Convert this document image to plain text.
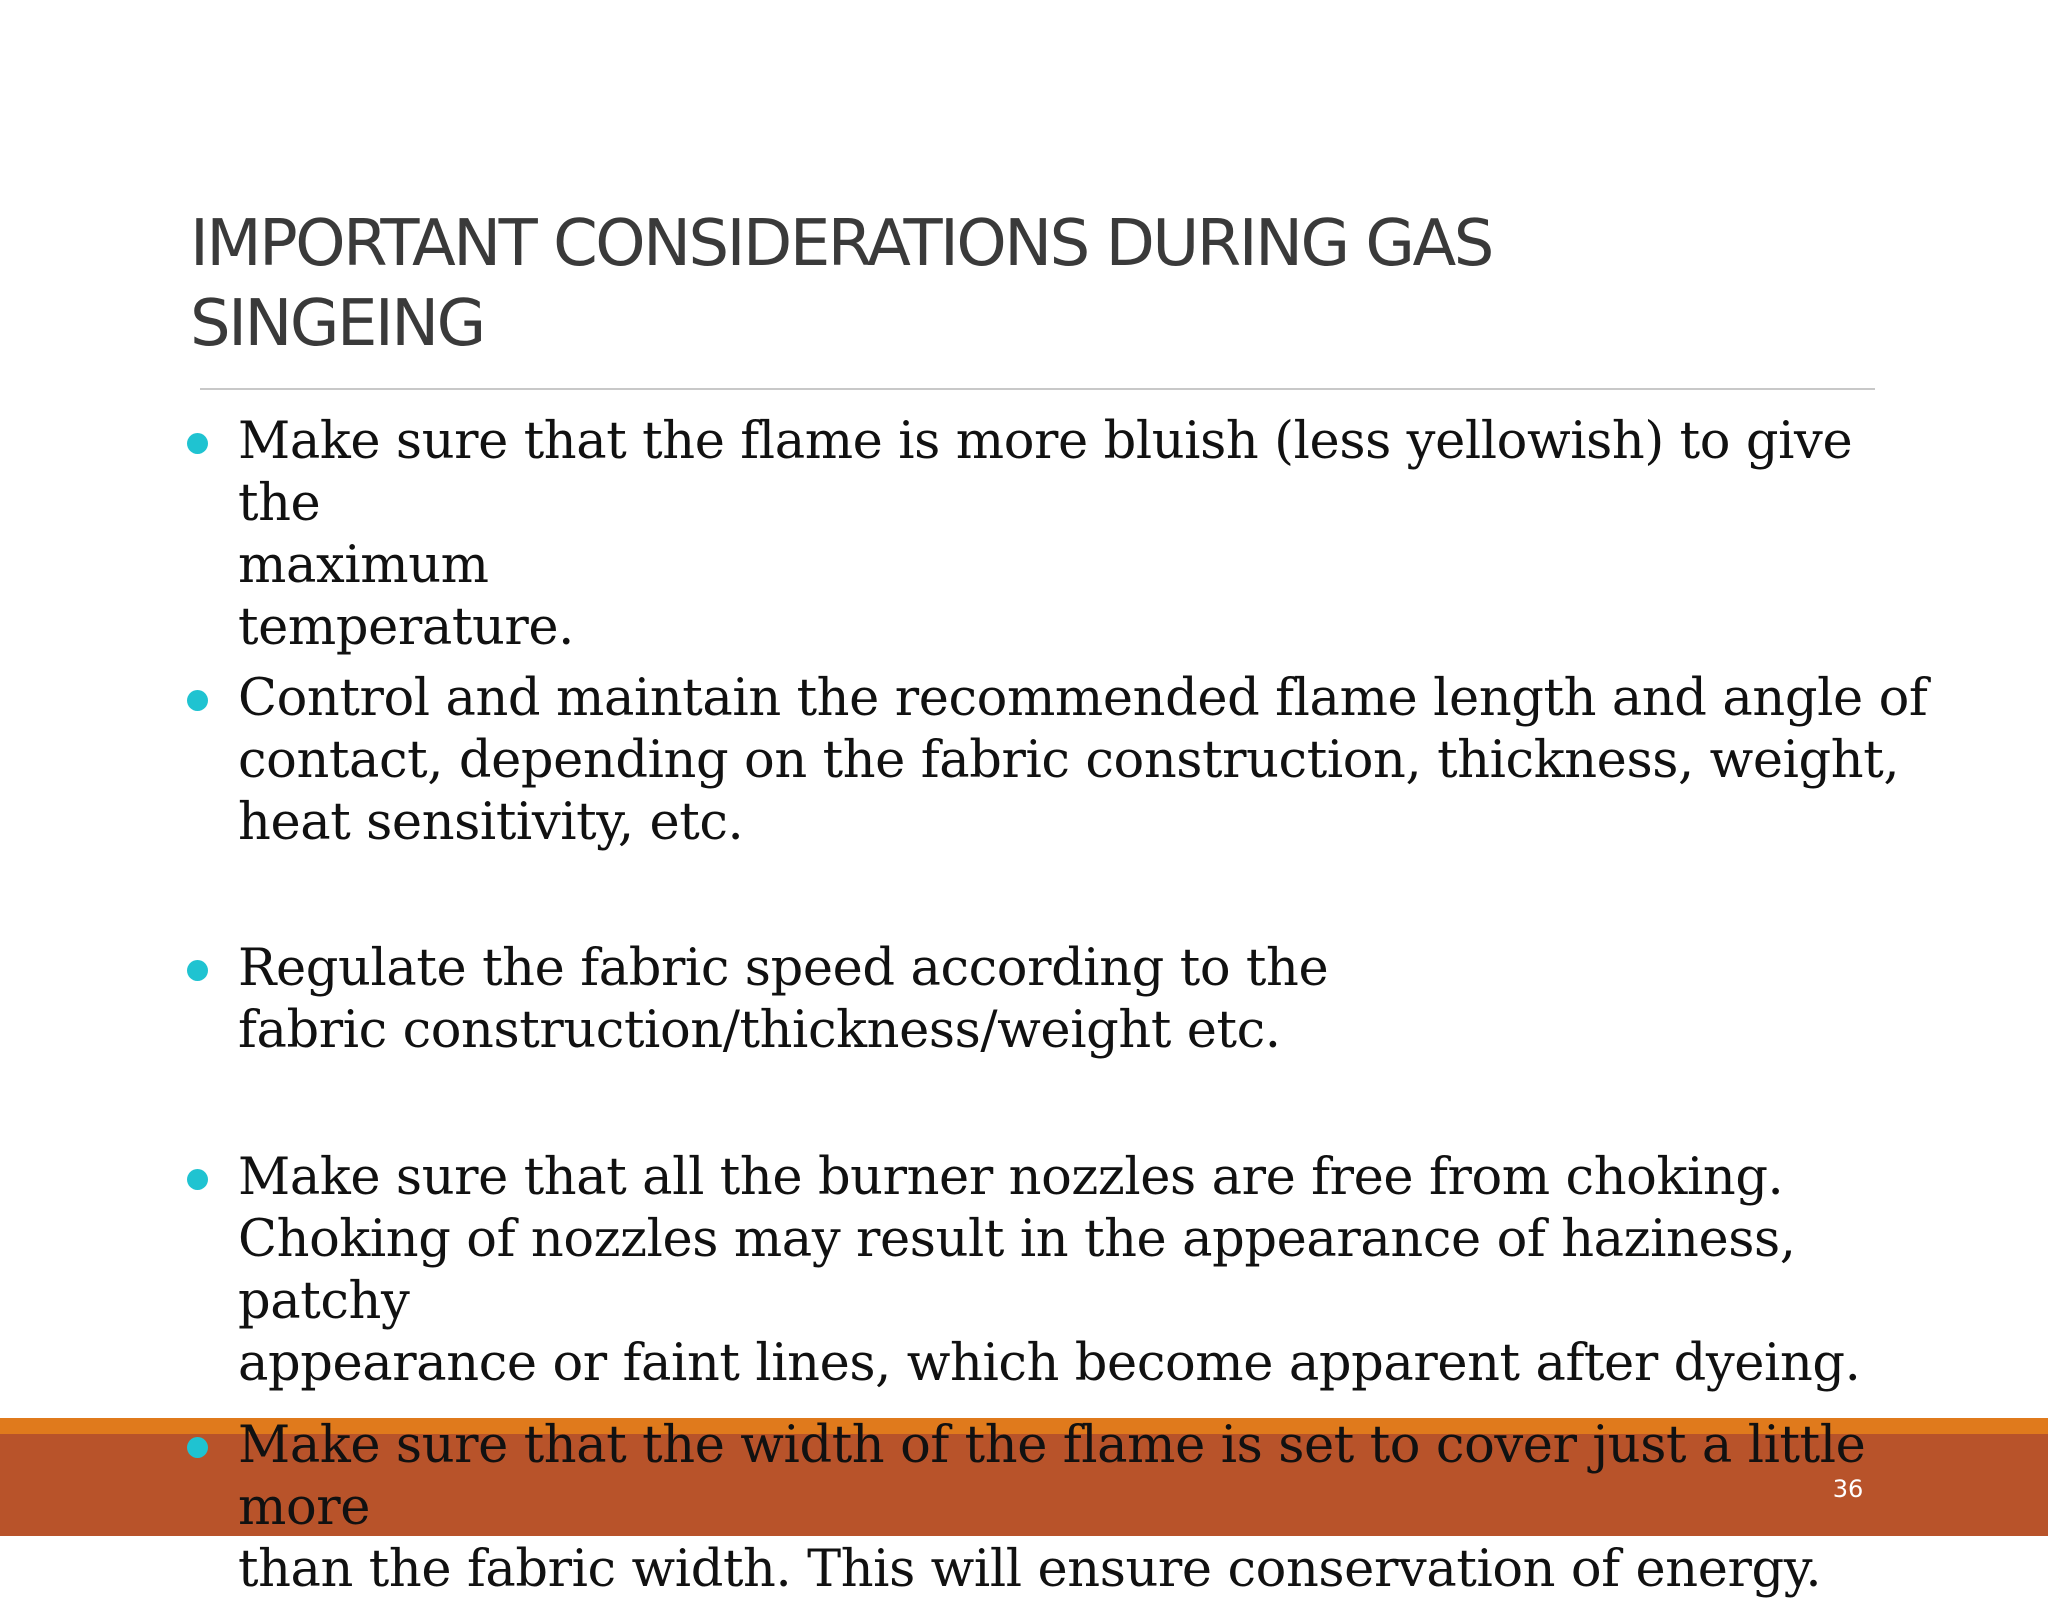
IMPORTANT CONSIDERATIONS DURING GAS
SINGEING
Make sure that the flame is more bluish (less yellowish) to give the
maximum
temperature.
Control and maintain the recommended flame length and angle of
contact, depending on the fabric construction, thickness, weight,
heat sensitivity, etc.
Regulate the fabric speed according to the
fabric construction/thickness/weight etc.
Make sure that all the burner nozzles are free from choking.
Choking of nozzles may result in the appearance of haziness, patchy
appearance or faint lines, which become apparent after dyeing.
Make sure that the width of the flame is set to cover just a little more
than the fabric width. This will ensure conservation of energy.
36
